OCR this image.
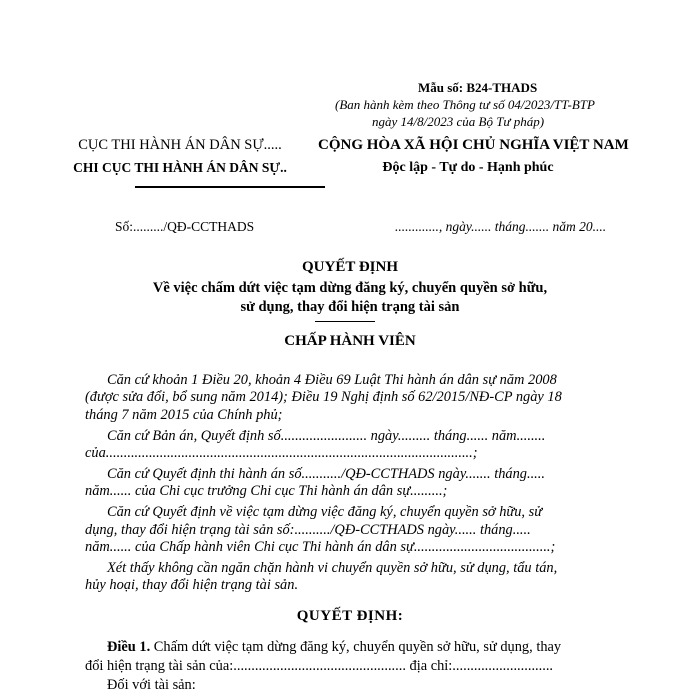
Mẫu số: B24-THADS
(Ban hành kèm theo Thông tư số 04/2023/TT-BTP
ngày 14/8/2023 của Bộ Tư pháp)
CỤC THI HÀNH ÁN DÂN SỰ.....
CHI CỤC THI HÀNH ÁN DÂN SỰ..
CỘNG HÒA XÃ HỘI CHỦ NGHĨA VIỆT NAM
Độc lập - Tự do - Hạnh phúc
Số:........./QĐ-CCTHADS	............., ngày...... tháng....... năm 20....
QUYẾT ĐỊNH
Về việc chấm dứt việc tạm dừng đăng ký, chuyển quyền sở hữu,
sử dụng, thay đổi hiện trạng tài sản
CHẤP HÀNH VIÊN
Căn cứ khoản 1 Điều 20, khoản 4 Điều 69 Luật Thi hành án dân sự năm 2008
(được sửa đổi, bổ sung năm 2014); Điều 19 Nghị định số 62/2015/NĐ-CP ngày 18
tháng 7 năm 2015 của Chính phủ;
Căn cứ Bản án, Quyết định số........................ ngày......... tháng...... năm........
của......................................................................................................;
Căn cứ Quyết định thi hành án số.........../QĐ-CCTHADS ngày....... tháng.....
năm...... của Chi cục trưởng Chi cục Thi hành án dân sự.........;
Căn cứ Quyết định về việc tạm dừng việc đăng ký, chuyển quyền sở hữu, sử
dụng, thay đổi hiện trạng tài sản số:........../QĐ-CCTHADS ngày...... tháng.....
năm...... của Chấp hành viên Chi cục Thi hành án dân sự......................................;
Xét thấy không cần ngăn chặn hành vi chuyển quyền sở hữu, sử dụng, tẩu tán,
hủy hoại, thay đổi hiện trạng tài sản.
QUYẾT ĐỊNH:
Điều 1. Chấm dứt việc tạm dừng đăng ký, chuyển quyền sở hữu, sử dụng, thay
đổi hiện trạng tài sản của:................................................ địa chỉ:............................
Đối với tài sản:
